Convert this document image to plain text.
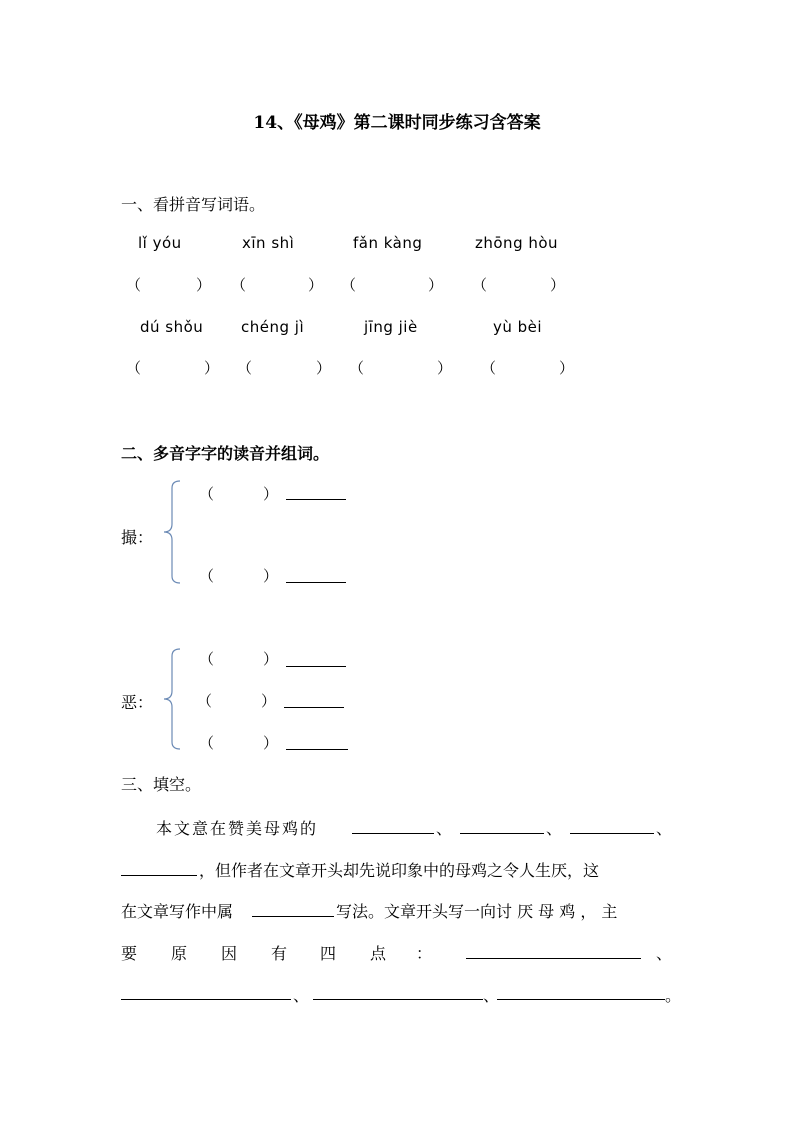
14、《母鸡》第二课时同步练习含答案
一、看拼音写词语。
lǐ yóu	xīn shì	fǎn kàng	zhōng hòu
（	） （	） （	） （	）
dú shǒu	chéng jì	jīng jiè	yù bèi
（	） （	） （	） （	）
二、多音字字的读音并组词。
撮：
（	）
（	）
恶：
（	）
（	）
（	）
三、填空。
本文意在赞美母鸡的	、	、	、
，但作者在文章开头却先说印象中的母鸡之令人生厌，这
在文章写作中属	写法。文章开头写一向讨 厌 母 鸡 ， 主
要 原 因 有 四 点 ：	、
、	、	。
